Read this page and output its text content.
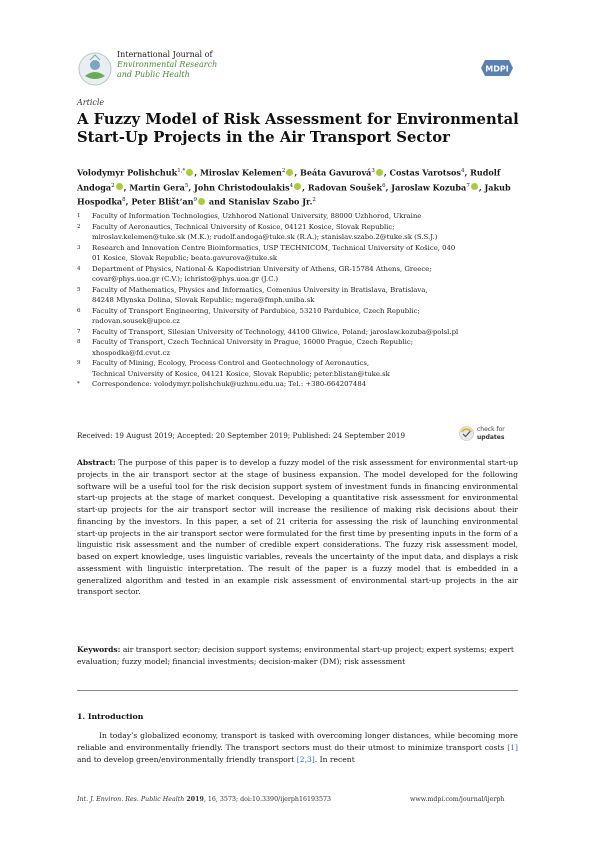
International Journal of
Environmental Research
and Public Health
MDPI
Article
A Fuzzy Model of Risk Assessment for Environmental Start-Up Projects in the Air Transport Sector
Volodymyr Polishchuk$^{1,*}$ , Miroslav Kelemen$^2$ , Beáta Gavurová$^3$ , Costas Varotsos$^4$, Rudolf Andoga$^2$ , Martin Gera$^5$, John Christodoulakis$^4$ , Radovan Soušek$^6$, Jaroslaw Kozuba$^7$ , Jakub Hospodka$^8$, Peter $Blišt’an^9$ and Stanislav Szabo Jr.$^2$
1	Faculty of Information Technologies, Uzhhorod National University, 88000 Uzhhorod, Ukraine
2	Faculty of Aeronautics, Technical University of Kosice, 04121 Kosice, Slovak Republic;
miroslav.kelemen@tuke.sk (M.K.); rudolf.andoga@tuke.sk (R.A.); stanislav.szabo.2@tuke.sk (S.S.J.)
3	Research and Innovation Centre Bioinformatics, USP TECHNICOM, Technical University of Košice, 040
01 Kosice, Slovak Republic; beata.gavurova@tuke.sk
4	Department of Physics, National & Kapodistrian University of Athens, GR-15784 Athens, Greece;
covar@phys.uoa.gr (C.V.); ichristo@phys.uoa.gr (J.C.)
5	Faculty of Mathematics, Physics and Informatics, Comenius University in Bratislava, Bratislava,
84248 Mlynska Dolina, Slovak Republic; mgera@fmph.uniba.sk
6	Faculty of Transport Engineering, University of Pardubice, 53210 Pardubice, Czech Republic;
radovan.sousek@upce.cz
7	Faculty of Transport, Silesian University of Technology, 44100 Gliwice, Poland; jaroslaw.kozuba@polsl.pl
8	Faculty of Transport, Czech Technical University in Prague, 16000 Prague, Czech Republic;
xhospodka@fd.cvut.cz
9	Faculty of Mining, Ecology, Process Control and Geotechnology of Aeronautics,
Technical University of Kosice, 04121 Kosice, Slovak Republic; peter.blistan@tuke.sk
*	Correspondence: volodymyr.polishchuk@uzhnu.edu.ua; Tel.: +380-664207484
Received: 19 August 2019; Accepted: 20 September 2019; Published: 24 September 2019
check for
updates
Abstract: The purpose of this paper is to develop a fuzzy model of the risk assessment for environmental start-up projects in the air transport sector at the stage of business expansion. The model developed for the following software will be a useful tool for the risk decision support system of investment funds in financing environmental start-up projects at the stage of market conquest. Developing a quantitative risk assessment for environmental start-up projects for the air transport sector will increase the resilience of making risk decisions about their financing by the investors. In this paper, a set of 21 criteria for assessing the risk of launching environmental start-up projects in the air transport sector were formulated for the first time by presenting inputs in the form of a linguistic risk assessment and the number of credible expert considerations. The fuzzy risk assessment model, based on expert knowledge, uses linguistic variables, reveals the uncertainty of the input data, and displays a risk assessment with linguistic interpretation. The result of the paper is a fuzzy model that is embedded in a generalized algorithm and tested in an example risk assessment of environmental start-up projects in the air transport sector.
Keywords: air transport sector; decision support systems; environmental start-up project; expert systems; expert evaluation; fuzzy model; financial investments; decision-maker (DM); risk assessment
1. Introduction
In today’s globalized economy, transport is tasked with overcoming longer distances, while becoming more reliable and environmentally friendly. The transport sectors must do their utmost to minimize transport costs [1] and to develop green/environmentally friendly transport [2,3]. In recent
Int. J. Environ. Res. Public Health 2019, 16, 3573; doi:10.3390/ijerph16193573	www.mdpi.com/journal/ijerph
